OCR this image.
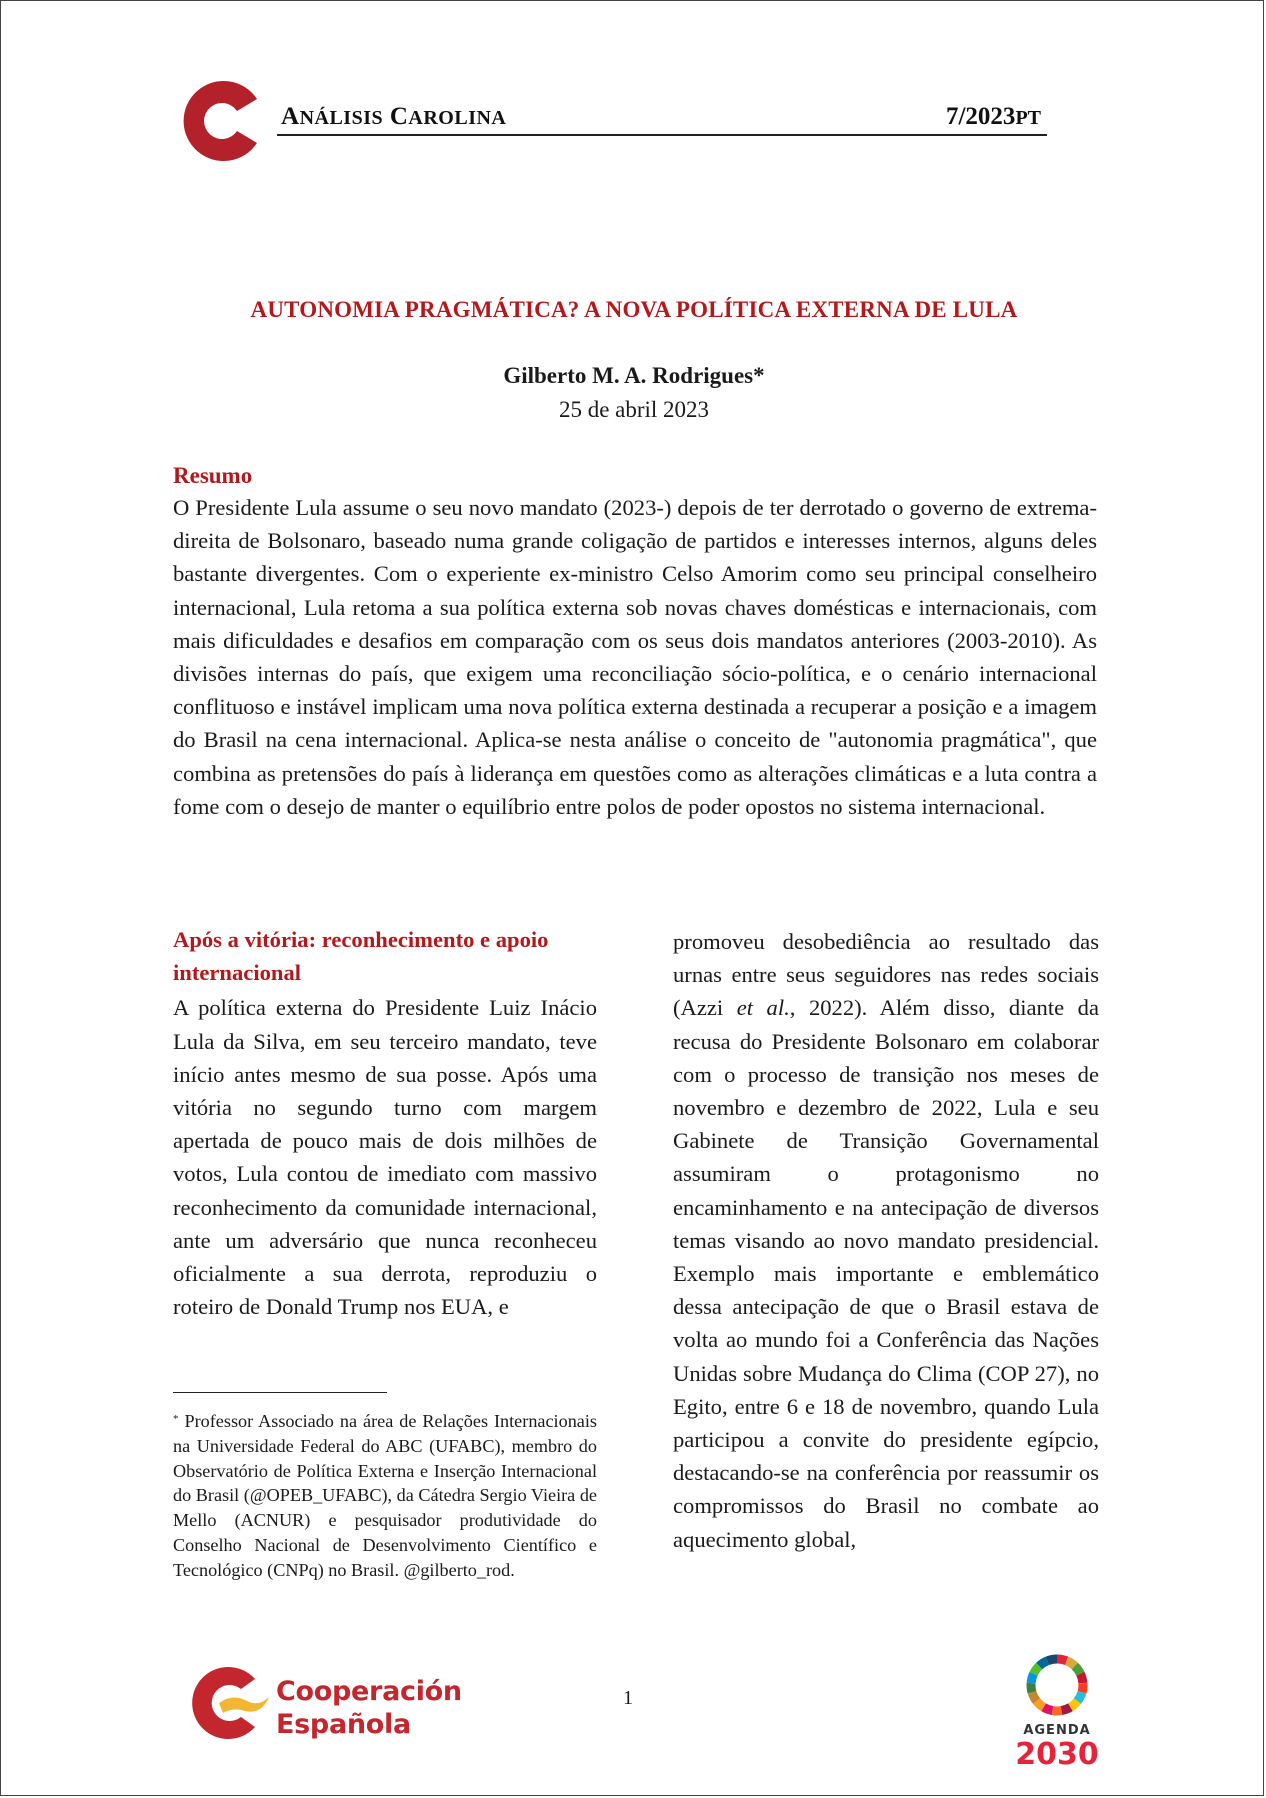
ANÁLISIS CAROLINA	7/2023PT
AUTONOMIA PRAGMÁTICA? A NOVA POLÍTICA EXTERNA DE LULA
Gilberto M. A. Rodrigues*
25 de abril 2023
Resumo

O Presidente Lula assume o seu novo mandato (2023-) depois de ter derrotado o governo de extrema-direita de Bolsonaro, baseado numa grande coligação de partidos e interesses internos, alguns deles bastante divergentes. Com o experiente ex-ministro Celso Amorim como seu principal conselheiro internacional, Lula retoma a sua política externa sob novas chaves domésticas e internacionais, com mais dificuldades e desafios em comparação com os seus dois mandatos anteriores (2003-2010). As divisões internas do país, que exigem uma reconciliação sócio-política, e o cenário internacional conflituoso e instável implicam uma nova política externa destinada a recuperar a posição e a imagem do Brasil na cena internacional. Aplica-se nesta análise o conceito de "autonomia pragmática", que combina as pretensões do país à liderança em questões como as alterações climáticas e a luta contra a fome com o desejo de manter o equilíbrio entre polos de poder opostos no sistema internacional.

Após a vitória: reconhecimento e apoio internacional

A política externa do Presidente Luiz Inácio Lula da Silva, em seu terceiro mandato, teve início antes mesmo de sua posse. Após uma vitória no segundo turno com margem apertada de pouco mais de dois milhões de votos, Lula contou de imediato com massivo reconhecimento da comunidade internacional, ante um adversário que nunca reconheceu oficialmente a sua derrota, reproduziu o roteiro de Donald Trump nos EUA, e

promoveu desobediência ao resultado das urnas entre seus seguidores nas redes sociais (Azzi et al., 2022). Além disso, diante da recusa do Presidente Bolsonaro em colaborar com o processo de transição nos meses de novembro e dezembro de 2022, Lula e seu Gabinete de Transição Governamental assumiram o protagonismo no encaminhamento e na antecipação de diversos temas visando ao novo mandato presidencial. Exemplo mais importante e emblemático dessa antecipação de que o Brasil estava de volta ao mundo foi a Conferência das Nações Unidas sobre Mudança do Clima (COP 27), no Egito, entre 6 e 18 de novembro, quando Lula participou a convite do presidente egípcio, destacando-se na conferência por reassumir os compromissos do Brasil no combate ao aquecimento global,

* Professor Associado na área de Relações Internacionais na Universidade Federal do ABC (UFABC), membro do Observatório de Política Externa e Inserção Internacional do Brasil (@OPEB_UFABC), da Cátedra Sergio Vieira de Mello (ACNUR) e pesquisador produtividade do Conselho Nacional de Desenvolvimento Científico e Tecnológico (CNPq) no Brasil. @gilberto_rod.

Cooperación
Española
1
AGENDA
2030
